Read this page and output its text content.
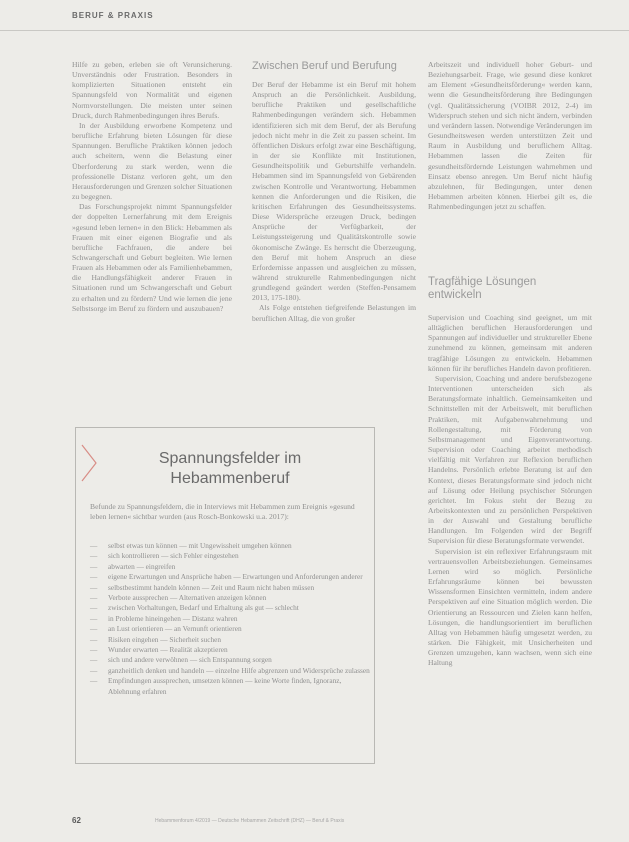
BERUF & PRAXIS

Hilfe zu geben, erleben sie oft Verunsicherung. Unverständnis oder Frustration. Besonders in komplizierten Situationen entsteht ein Spannungsfeld von Normalität und eigenen Normvorstellungen. Die meisten unter seinen Druck, durch Rahmenbedingungen ihres Berufs.

In der Ausbildung erworbene Kompetenz und berufliche Erfahrung bieten Lösungen für diese Spannungen. Berufliche Praktiken können jedoch auch scheitern, wenn die Belastung einer Überforderung zu stark werden, wenn die professionelle Distanz verloren geht, um den Herausforderungen und Grenzen solcher Situationen zu begegnen.

Das Forschungsprojekt nimmt Spannungsfelder der doppelten Lernerfahrung mit dem Ereignis »gesund leben lernen« in den Blick: Hebammen als Frauen mit einer eigenen Biografie und als berufliche Fachfrauen, die andere bei Schwangerschaft und Geburt begleiten. Wie lernen Frauen als Hebammen oder als Familienhebammen, die Handlungsfähigkeit anderer Frauen in Situationen rund um Schwangerschaft und Geburt zu erhalten und zu fördern? Und wie lernen die jene Selbstsorge im Beruf zu fördern und auszubauen?

Zwischen Beruf und Berufung

Der Beruf der Hebamme ist ein Beruf mit hohem Anspruch an die Persönlichkeit. Ausbildung, berufliche Praktiken und gesellschaftliche Rahmenbedingungen verändern sich. Hebammen identifizieren sich mit dem Beruf, der als Berufung jedoch nicht mehr in die Zeit zu passen scheint. Im öffentlichen Diskurs erfolgt zwar eine Beschäftigung, in der sie Konflikte mit Institutionen, Gesundheitspolitik und Geburtshilfe verhandeln. Hebammen sind im Spannungsfeld von Gebärenden zwischen Kontrolle und Verantwortung. Hebammen kennen die Anforderungen und die Risiken, die kritischen Erfahrungen des Gesundheitssystems. Diese Widersprüche erzeugen Druck, bedingen Ansprüche der Verfügbarkeit, der Leistungssteigerung und Qualitätskontrolle sowie ökonomische Zwänge. Es herrscht die Überzeugung, den Beruf mit hohem Anspruch an diese Erfordernisse anpassen und ausgleichen zu müssen, während strukturelle Rahmenbedingungen nicht grundlegend geändert werden (Steffen-Pensamem 2013, 175-180).

Als Folge entstehen tiefgreifende Belastungen im beruflichen Alltag, die von großer

Arbeitszeit und individuell hoher Geburt- und Beziehungsarbeit. Frage, wie gesund diese konkret am Element »Gesundheitsförderung« werden kann, wenn die Gesundheitsförderung ihre Bedingungen (vgl. Qualitätssicherung (VOIBR 2012, 2-4) im Widerspruch stehen und sich nicht ändern, verbinden und verändern lassen. Notwendige Veränderungen im Gesundheitswesen werden unterstützen Zeit und Raum in Ausbildung und beruflichem Alltag. Hebammen lassen die Zeiten für gesundheitsfördernde Leistungen wahrnehmen und Einsatz ebenso anregen. Um Beruf nicht häufig abzulehnen, für Bedingungen, unter denen Hebammen arbeiten können. Hierbei gilt es, die Rahmenbedingungen jetzt zu schaffen.

Tragfähige Lösungen entwickeln

Supervision und Coaching sind geeignet, um mit alltäglichen beruflichen Herausforderungen und Spannungen auf individueller und struktureller Ebene zunehmend zu können, gemeinsam mit anderen tragfähige Lösungen zu entwickeln. Hebammen können für ihr berufliches Handeln davon profitieren.

Supervision, Coaching und andere berufsbezogene Interventionen unterscheiden sich als Beratungsformate inhaltlich. Gemeinsamkeiten und Schnittstellen mit der Arbeitswelt, mit beruflichen Praktiken, mit Aufgabenwahrnehmung und Rollengestaltung, mit Förderung von Selbstmanagement und Eigenverantwortung. Supervision oder Coaching arbeitet methodisch vielfältig mit Verfahren zur Reflexion beruflichen Handelns. Persönlich erlebte Beratung ist auf den Kontext, dieses Beratungsformate sind jedoch nicht auf Lösung oder Heilung psychischer Störungen gerichtet. Im Fokus steht der Bezug zu Arbeitskontexten und zu persönlichen Perspektiven in der Auswahl und Gestaltung berufliche Handlungen. Im Folgenden wird der Begriff Supervision für diese Beratungsformate verwendet.

Supervision ist ein reflexiver Erfahrungsraum mit vertrauensvollen Arbeitsbeziehungen. Gemeinsames Lernen wird so möglich. Persönliche Erfahrungsräume können bei bewussten Wissensformen Einsichten vermitteln, indem andere Perspektiven auf eine Situation möglich werden. Die Orientierung an Ressourcen und Zielen kann helfen, Lösungen, die handlungsorientiert im beruflichen Alltag von Hebammen häufig umgesetzt werden, zu stärken. Die Fähigkeit, mit Unsicherheiten und Grenzen umzugehen, kann wachsen, wenn sich eine Haltung

Spannungsfelder im
Hebammenberuf
Befunde zu Spannungsfeldern, die in Interviews mit Hebammen zum Ereignis »gesund leben lernen« sichtbar wurden (aus Rosch-Bonkowski u.a. 2017):
—	selbst etwas tun können — mit Ungewissheit umgehen können
—	sich kontrollieren — sich Fehler eingestehen
—	abwarten — eingreifen
—	eigene Erwartungen und Ansprüche haben — Erwartungen und Anforderungen anderer
—	selbstbestimmt handeln können — Zeit und Raum nicht haben müssen
—	Verbote aussprechen — Alternativen anzeigen können
—	zwischen Vorhaltungen, Bedarf und Erhaltung als gut — schlecht
—	in Probleme hineingehen — Distanz wahren
—	an Lust orientieren — an Vernunft orientieren
—	Risiken eingehen — Sicherheit suchen
—	Wunder erwarten — Realität akzeptieren
—	sich und andere verwöhnen — sich Entspannung sorgen
—	ganzheitlich denken und handeln — einzelne Hilfe abgrenzen und Widersprüche zulassen
—	Empfindungen aussprechen, umsetzen können — keine Worte finden, Ignoranz, Ablehnung erfahren
62	Hebammenforum 4/2019 — Deutsche Hebammen Zeitschrift (DHZ) — Beruf & Praxis
